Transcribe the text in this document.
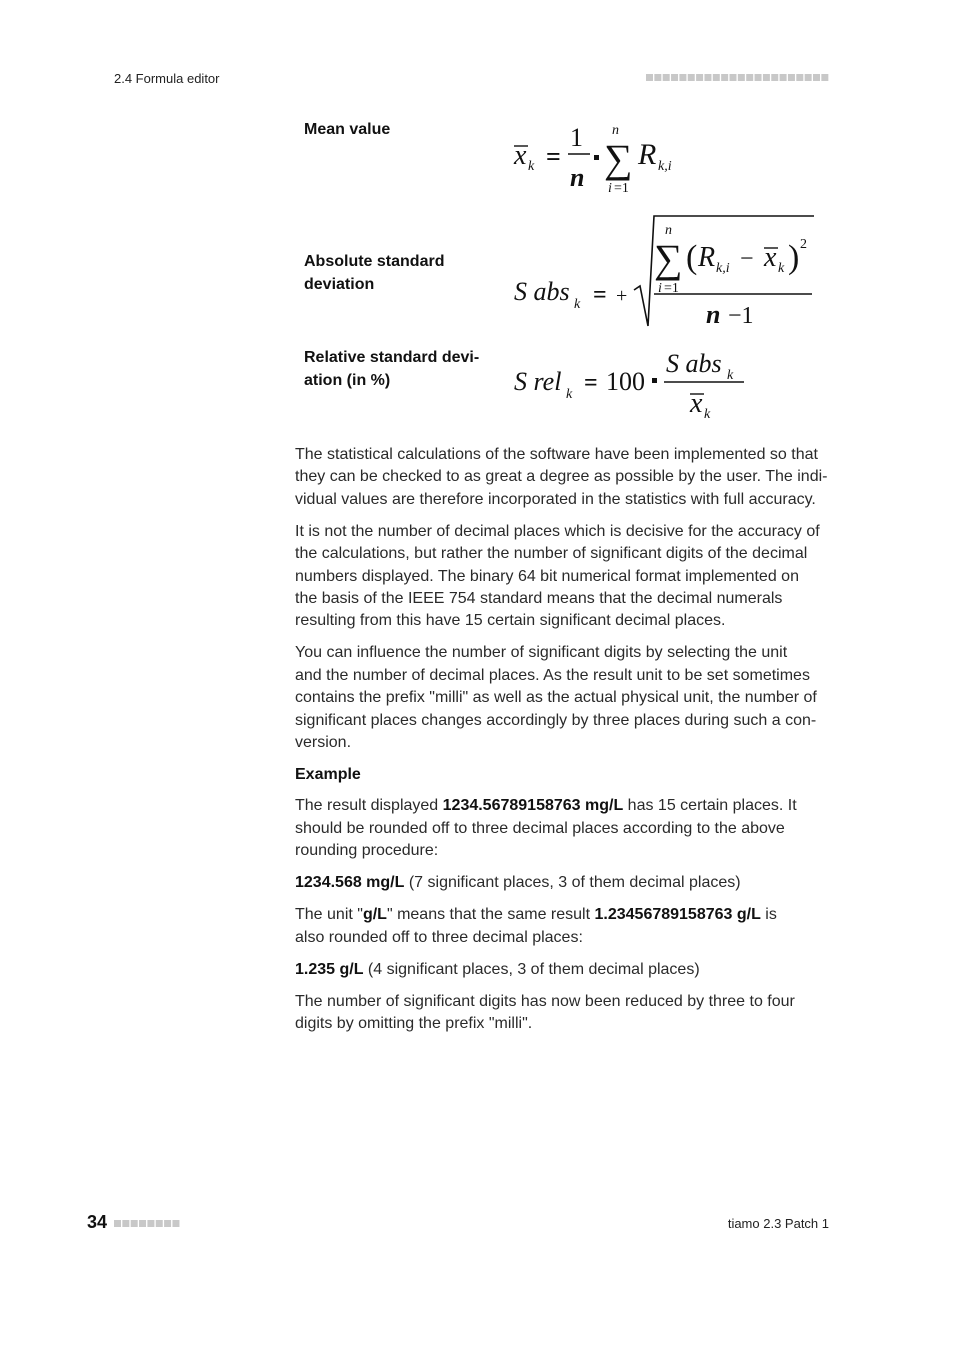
2.4 Formula editor
Mean value
Absolute standard
deviation
Relative standard devi-
ation (in %)
x k =
1
n
n
∑
i =1
R k,i
S abs k = +
n
∑
i =1
( R k,i − x k ) 2
n −1
S rel k = 100
S abs k
x k

The statistical calculations of the software have been implemented so that
they can be checked to as great a degree as possible by the user. The indi-
vidual values are therefore incorporated in the statistics with full accuracy.

It is not the number of decimal places which is decisive for the accuracy of
the calculations, but rather the number of significant digits of the decimal
numbers displayed. The binary 64 bit numerical format implemented on
the basis of the IEEE 754 standard means that the decimal numerals
resulting from this have 15 certain significant decimal places.

You can influence the number of significant digits by selecting the unit
and the number of decimal places. As the result unit to be set sometimes
contains the prefix "milli" as well as the actual physical unit, the number of
significant places changes accordingly by three places during such a con-
version.

Example

The result displayed 1234.56789158763 mg/L has 15 certain places. It
should be rounded off to three decimal places according to the above
rounding procedure:

1234.568 mg/L (7 significant places, 3 of them decimal places)

The unit "g/L" means that the same result 1.23456789158763 g/L is
also rounded off to three decimal places:

1.235 g/L (4 significant places, 3 of them decimal places)

The number of significant digits has now been reduced by three to four
digits by omitting the prefix "milli".

34	tiamo 2.3 Patch 1
